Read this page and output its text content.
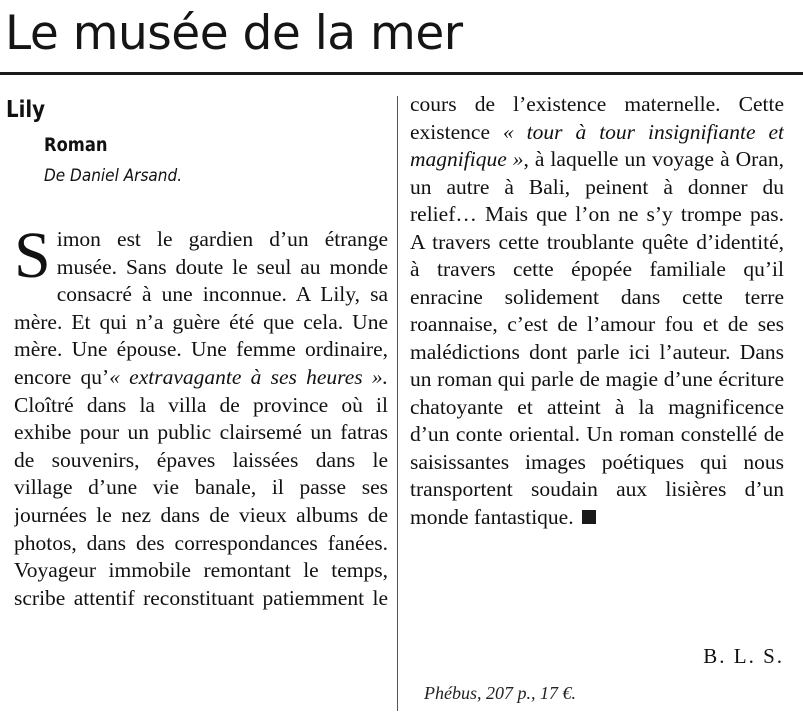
Le musée de la mer
Lily
Roman
De Daniel Arsand.

Simon est le gardien d’un étrange musée. Sans doute le seul au monde consacré à une inconnue. A Lily, sa mère. Et qui n’a guère été que cela. Une mère. Une épouse. Une femme ordinaire, encore qu’« extravagante à ses heures ».

Cloîtré dans la villa de province où il exhibe pour un public clairsemé un fatras de souvenirs, épaves laissées dans le village d’une vie banale, il passe ses journées le nez dans de vieux albums de photos, dans des correspondances fanées. Voyageur immobile remontant le temps, scribe attentif reconstituant patiemment le

cours de l’existence maternelle. Cette existence « tour à tour insignifiante et magnifique », à laquelle un voyage à Oran, un autre à Bali, peinent à donner du relief… Mais que l’on ne s’y trompe pas. A travers cette troublante quête d’identité, à travers cette épopée familiale qu’il enracine solidement dans cette terre roannaise, c’est de l’amour fou et de ses malédictions dont parle ici l’auteur. Dans un roman qui parle de magie d’une écriture chatoyante et atteint à la magnificence d’un conte oriental. Un roman constellé de saisissantes images poétiques qui nous transportent soudain aux lisières d’un monde fantastique.

B. L. S.
Phébus, 207 p., 17 €.
